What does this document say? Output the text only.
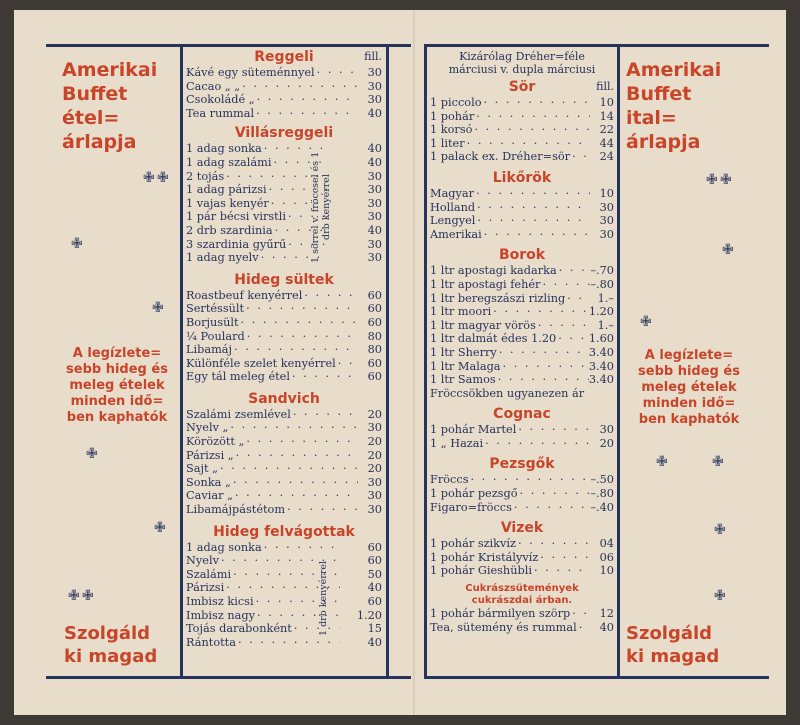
Amerikai
Buffet
étel=
árlapja
✙ ✙
✙
✙
A legízlete=
sebb hideg és
meleg ételek
minden idő=
ben kaphatók
✙
✙
✙ ✙
Szolgáld
ki magad
Reggeli	fill.
Kávé egy süteménnyel · · ·	30
Cacao „ „ · · ·	30
Csokoládé „ · · ·	30
Tea rummal · · ·	40
Villásreggeli
1 adag sonka · · ·	40
1 adag szalámi · · ·	40
2 tojás · · ·	30
1 adag párizsi · · ·	30
1 vajas kenyér · · ·	30
1 pár bécsi virstli · · ·	30
2 drb szardinia · · ·	40
3 szardinia gyűrű · · ·	30
1 adag nyelv · · ·	30
1 sörrel v. fröccsel és 1 drb kenyérrel
Hideg sültek
Roastbeuf kenyérrel · · ·	60
Sertéssült · · ·	60
Borjusült · · ·	60
¼ Poulard · · ·	80
Libamáj · · ·	80
Különféle szelet kenyérrel · · ·	60
Egy tál meleg étel · · ·	60
Sandvich
Szalámi zsemlével · · ·	20
Nyelv „ · · ·	30
Körözött „ · · ·	20
Párizsi „ · · ·	20
Sajt „ · · ·	20
Sonka „ · · ·	30
Caviar „ · · ·	30
Libamájpástétom · · ·	30
Hideg felvágottak
1 adag sonka · · ·	60
Nyelv · · ·	60
Szalámi · · ·	50
Párizsi · · ·	40
Imbisz kicsi · · ·	60
Imbisz nagy · · ·	1.20
Tojás darabonként · · ·	15
Rántotta · · ·	40
1 drb kenyérrel
Kizárólag Dréher=féle
márciusi v. dupla márciusi
Sör	fill.
1 piccolo · · ·	10
1 pohár · · ·	14
1 korsó · · ·	22
1 liter · · ·	44
1 palack ex. Dréher=sör · · ·	24
Likőrök
Magyar · · ·	10
Holland · · ·	30
Lengyel · · ·	30
Amerikai · · ·	30
Borok
1 ltr apostagi kadarka · · ·	–.70
1 ltr apostagi fehér · · ·	–.80
1 ltr beregszászi rizling · · ·	1.–
1 ltr moori · · ·	1.20
1 ltr magyar vörös · · ·	1.–
1 ltr dalmát édes 1.20 · · ·	1.60
1 ltr Sherry · · ·	3.40
1 ltr Malaga · · ·	3.40
1 ltr Samos · · ·	3.40
Fröccsökben ugyanezen ár
Cognac
1 pohár Martel · · ·	30
1 „ Hazai · · ·	20
Pezsgők
Fröccs · · ·	–.50
1 pohár pezsgő · · ·	–.80
Figaro=fröccs · · ·	–.40
Vizek
1 pohár szikvíz · · ·	04
1 pohár Kristályvíz · · ·	06
1 pohár Gieshübli · · ·	10
Cukrászsütemények
cukrászdai árban.
1 pohár bármilyen szörp · · ·	12
Tea, sütemény és rummal · · ·	40
Amerikai
Buffet
ital=
árlapja
✙ ✙
✙
✙
A legízlete=
sebb hideg és
meleg ételek
minden idő=
ben kaphatók
✙	✙
✙
✙
Szolgáld
ki magad
